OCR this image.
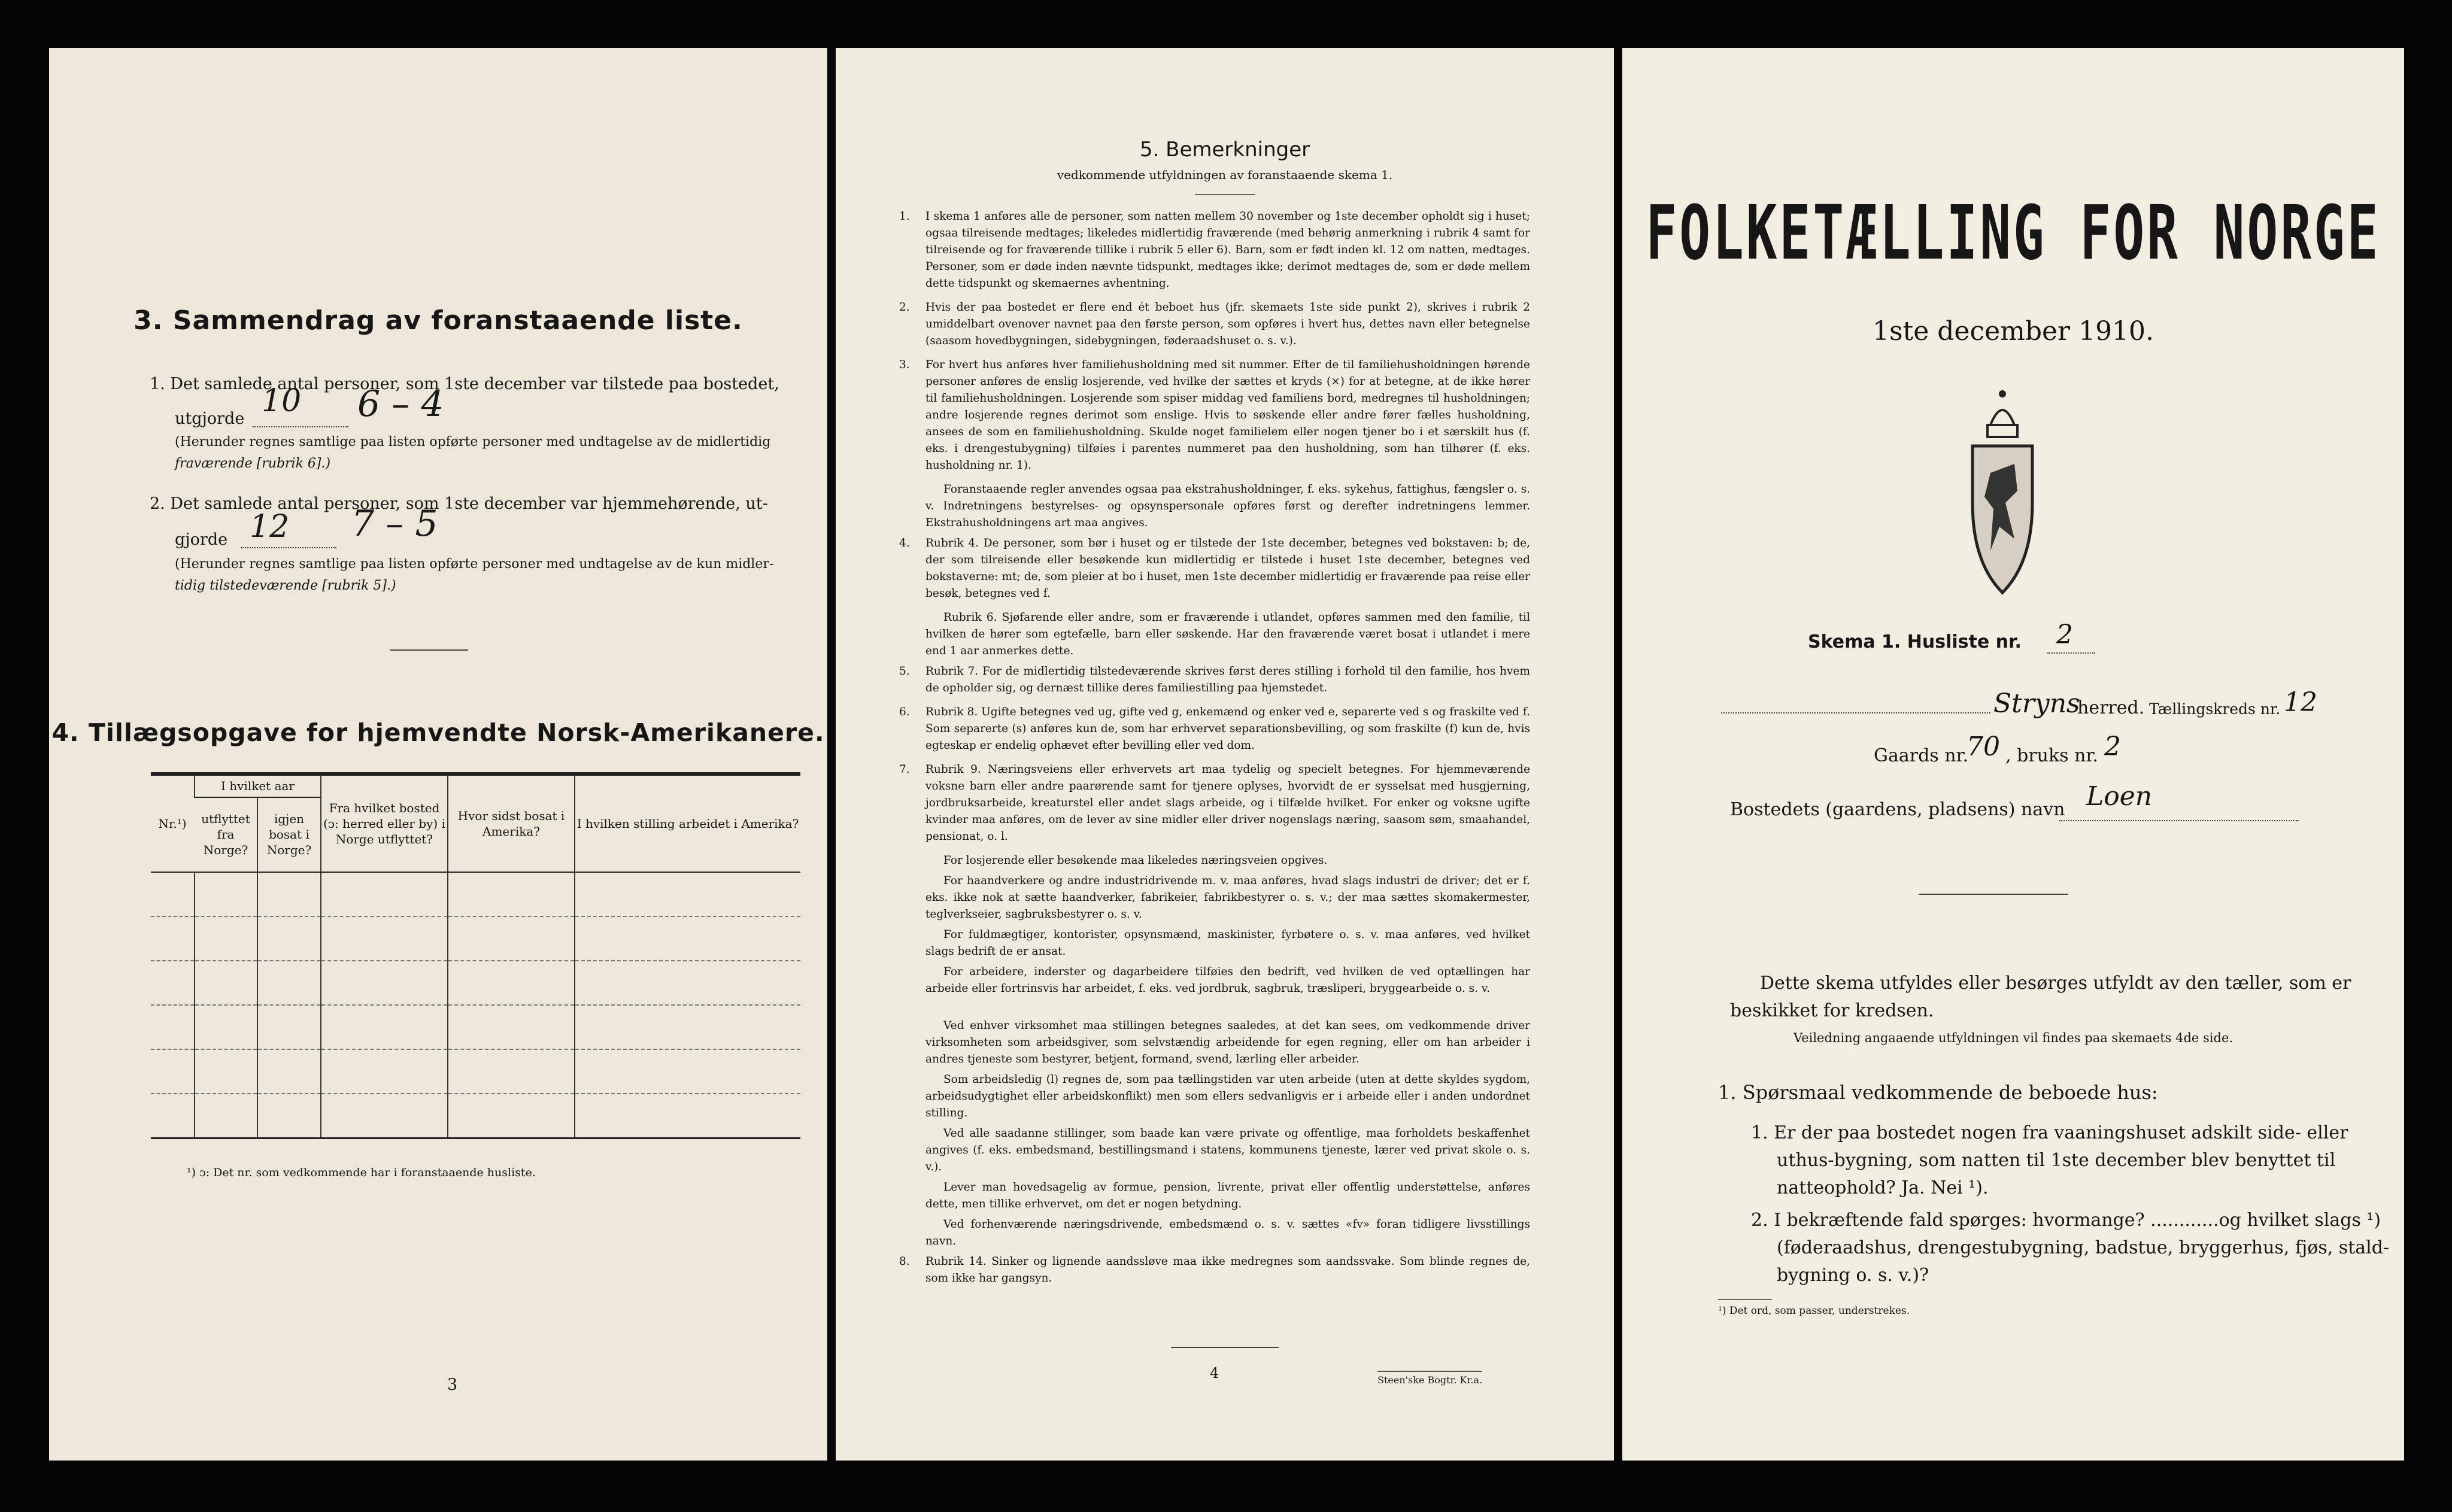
3. Sammendrag av foranstaaende liste.
1. Det samlede antal personer, som 1ste december var tilstede paa bostedet,
utgjorde 10 6 – 4
(Herunder regnes samtlige paa listen opførte personer med undtagelse av de midlertidig
fraværende [rubrik 6].)
2. Det samlede antal personer, som 1ste december var hjemmehørende, ut-
gjorde 12 7 – 5
(Herunder regnes samtlige paa listen opførte personer med undtagelse av de kun midler-
tidig tilstedeværende [rubrik 5].)
4. Tillægsopgave for hjemvendte Norsk-Amerikanere.
Nr.¹)	I hvilket aar		Fra hvilket bosted (ↄ: herred eller by) i Norge utflyttet?	Hvor sidst bosat i Amerika?	I hvilken stilling arbeidet i Amerika?
	utflyttet fra Norge?	igjen bosat i Norge?			

¹) ↄ: Det nr. som vedkommende har i foranstaaende husliste.
3
5. Bemerkninger
vedkommende utfyldningen av foranstaaende skema 1.
1. I skema 1 anføres alle de personer, som natten mellem 30 november og 1ste december opholdt sig i huset; ogsaa tilreisende medtages; likeledes midlertidig fraværende (med behørig anmerkning i rubrik 4 samt for tilreisende og for fraværende tillike i rubrik 5 eller 6). Barn, som er født inden kl. 12 om natten, medtages. Personer, som er døde inden nævnte tidspunkt, medtages ikke; derimot medtages de, som er døde mellem dette tidspunkt og skemaernes avhentning.
2. Hvis der paa bostedet er flere end ét beboet hus (jfr. skemaets 1ste side punkt 2), skrives i rubrik 2 umiddelbart ovenover navnet paa den første person, som opføres i hvert hus, dettes navn eller betegnelse (saasom hovedbygningen, sidebygningen, føderaadshuset o. s. v.).
3. For hvert hus anføres hver familiehusholdning med sit nummer. Efter de til familiehusholdningen hørende personer anføres de enslig losjerende, ved hvilke der sættes et kryds (×) for at betegne, at de ikke hører til familiehusholdningen. Losjerende som spiser middag ved familiens bord, medregnes til husholdningen; andre losjerende regnes derimot som enslige. Hvis to søskende eller andre fører fælles husholdning, ansees de som en familiehusholdning. Skulde noget familielem eller nogen tjener bo i et særskilt hus (f. eks. i drengestubygning) tilføies i parentes nummeret paa den husholdning, som han tilhører (f. eks. husholdning nr. 1).
Foranstaaende regler anvendes ogsaa paa ekstrahusholdninger, f. eks. sykehus, fattighus, fængsler o. s. v. Indretningens bestyrelses- og opsynspersonale opføres først og derefter indretningens lemmer. Ekstrahusholdningens art maa angives.
4. Rubrik 4. De personer, som bør i huset og er tilstede der 1ste december, betegnes ved bokstaven: b; de, der som tilreisende eller besøkende kun midlertidig er tilstede i huset 1ste december, betegnes ved bokstaverne: mt; de, som pleier at bo i huset, men 1ste december midlertidig er fraværende paa reise eller besøk, betegnes ved f.
Rubrik 6. Sjøfarende eller andre, som er fraværende i utlandet, opføres sammen med den familie, til hvilken de hører som egtefælle, barn eller søskende. Har den fraværende været bosat i utlandet i mere end 1 aar anmerkes dette.
5. Rubrik 7. For de midlertidig tilstedeværende skrives først deres stilling i forhold til den familie, hos hvem de opholder sig, og dernæst tillike deres familiestilling paa hjemstedet.
6. Rubrik 8. Ugifte betegnes ved ug, gifte ved g, enkemænd og enker ved e, separerte ved s og fraskilte ved f. Som separerte (s) anføres kun de, som har erhvervet separationsbevilling, og som fraskilte (f) kun de, hvis egteskap er endelig ophævet efter bevilling eller ved dom.
7. Rubrik 9. Næringsveiens eller erhvervets art maa tydelig og specielt betegnes. For hjemmeværende voksne barn eller andre paarørende samt for tjenere oplyses, hvorvidt de er sysselsat med husgjerning, jordbruksarbeide, kreaturstel eller andet slags arbeide, og i tilfælde hvilket. For enker og voksne ugifte kvinder maa anføres, om de lever av sine midler eller driver nogenslags næring, saasom søm, smaahandel, pensionat, o. l.
For losjerende eller besøkende maa likeledes næringsveien opgives.
For haandverkere og andre industridrivende m. v. maa anføres, hvad slags industri de driver; det er f. eks. ikke nok at sætte haandverker, fabrikeier, fabrikbestyrer o. s. v.; der maa sættes skomakermester, teglverkseier, sagbruksbestyrer o. s. v.
For fuldmægtiger, kontorister, opsynsmænd, maskinister, fyrbøtere o. s. v. maa anføres, ved hvilket slags bedrift de er ansat.
For arbeidere, inderster og dagarbeidere tilføies den bedrift, ved hvilken de ved optællingen har arbeide eller fortrinsvis har arbeidet, f. eks. ved jordbruk, sagbruk, træsliperi, bryggearbeide o. s. v.
Ved enhver virksomhet maa stillingen betegnes saaledes, at det kan sees, om vedkommende driver virksomheten som arbeidsgiver, som selvstændig arbeidende for egen regning, eller om han arbeider i andres tjeneste som bestyrer, betjent, formand, svend, lærling eller arbeider.
Som arbeidsledig (l) regnes de, som paa tællingstiden var uten arbeide (uten at dette skyldes sygdom, arbeidsudygtighet eller arbeidskonflikt) men som ellers sedvanligvis er i arbeide eller i anden undordnet stilling.
Ved alle saadanne stillinger, som baade kan være private og offentlige, maa forholdets beskaffenhet angives (f. eks. embedsmand, bestillingsmand i statens, kommunens tjeneste, lærer ved privat skole o. s. v.).
Lever man hovedsagelig av formue, pension, livrente, privat eller offentlig understøttelse, anføres dette, men tillike erhvervet, om det er nogen betydning.
Ved forhenværende næringsdrivende, embedsmænd o. s. v. sættes «fv» foran tidligere livsstillings navn.
8. Rubrik 14. Sinker og lignende aandssløve maa ikke medregnes som aandssvake. Som blinde regnes de, som ikke har gangsyn.
4	Steen'ske Bogtr. Kr.a.
FOLKETÆLLING FOR NORGE
1ste december 1910.
Skema 1. Husliste nr. 2
Stryns
herred. Tællingskreds nr. 12
Gaards nr.
70 , bruks nr. 2
Bostedets (gaardens, pladsens) navn Loen
Dette skema utfyldes eller besørges utfyldt av den tæller, som er
beskikket for kredsen.
Veiledning angaaende utfyldningen vil findes paa skemaets 4de side.
1. Spørsmaal vedkommende de beboede hus:
1. Er der paa bostedet nogen fra vaaningshuset adskilt side- eller
uthus-bygning, som natten til 1ste december blev benyttet til
natteophold? Ja. Nei ¹).
2. I bekræftende fald spørges: hvormange? ............og hvilket slags ¹)
(føderaadshus, drengestubygning, badstue, bryggerhus, fjøs, stald-
bygning o. s. v.)?
¹) Det ord, som passer, understrekes.
